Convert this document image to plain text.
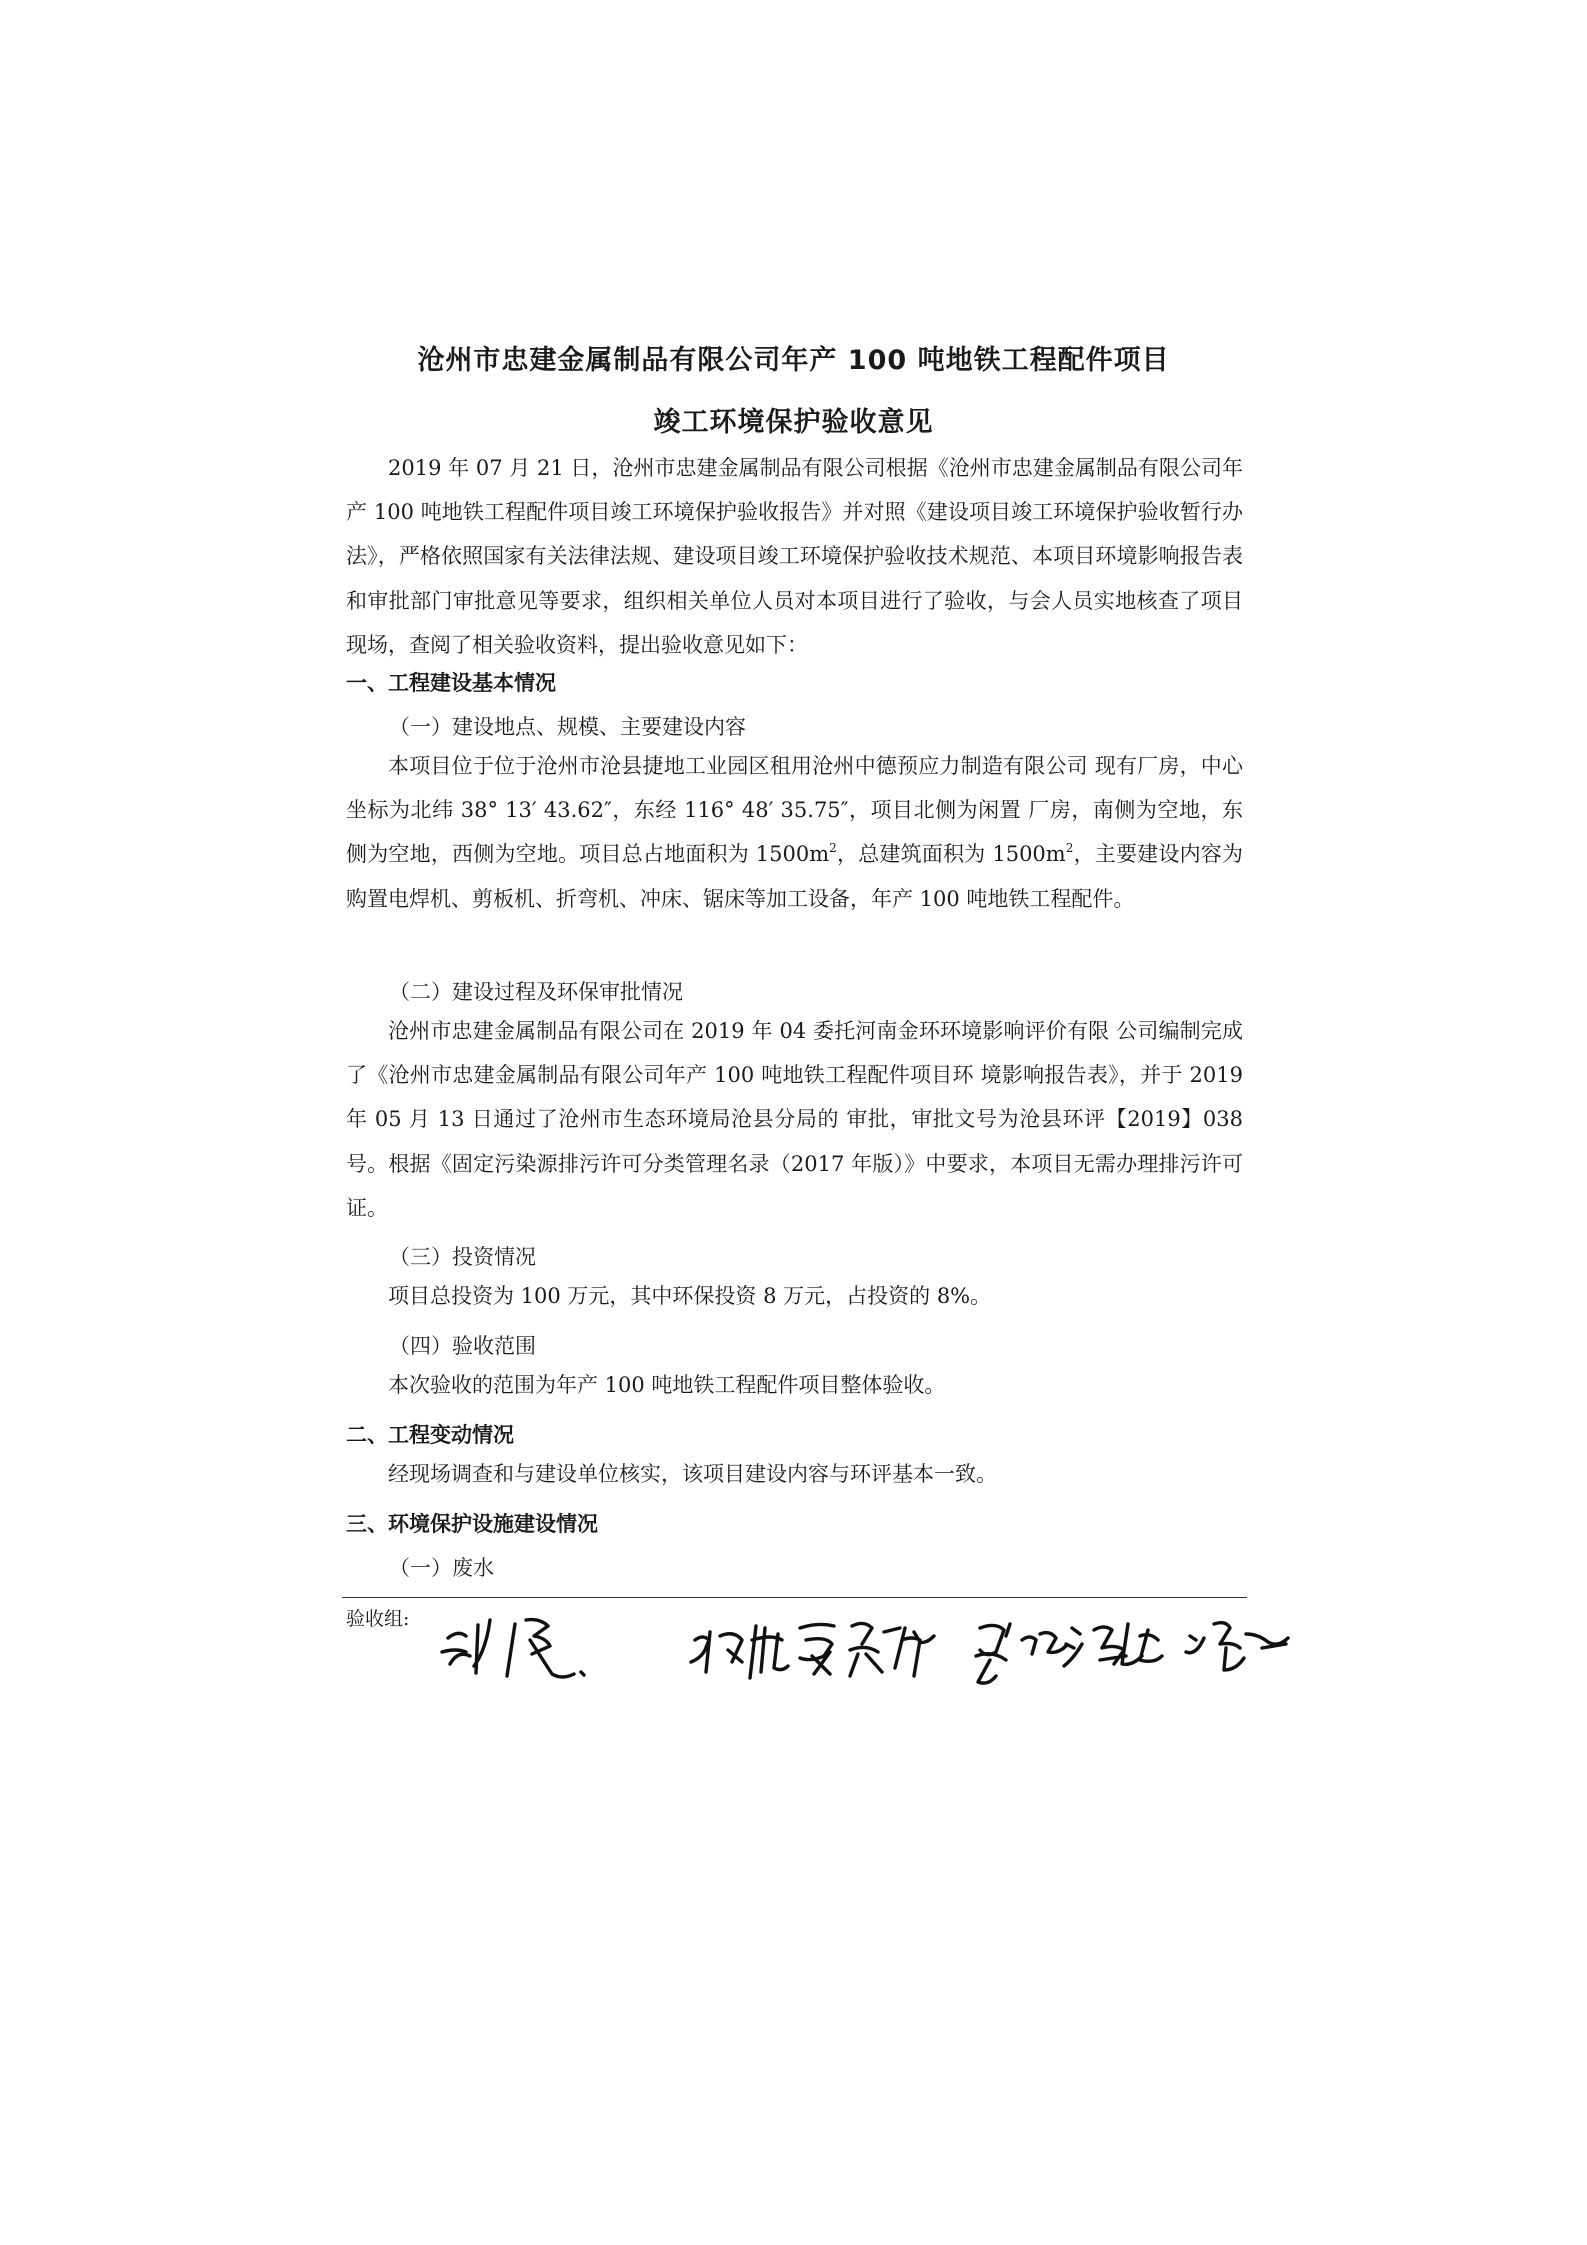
沧州市忠建金属制品有限公司年产 100 吨地铁工程配件项目
竣工环境保护验收意见

2019 年 07 月 21 日，沧州市忠建金属制品有限公司根据《沧州市忠建金属制品有限公司年产 100 吨地铁工程配件项目竣工环境保护验收报告》并对照《建设项目竣工环境保护验收暂行办法》，严格依照国家有关法律法规、建设项目竣工环境保护验收技术规范、本项目环境影响报告表和审批部门审批意见等要求，组织相关单位人员对本项目进行了验收，与会人员实地核查了项目现场，查阅了相关验收资料，提出验收意见如下：

一、工程建设基本情况
（一）建设地点、规模、主要建设内容

本项目位于位于沧州市沧县捷地工业园区租用沧州中德预应力制造有限公司 现有厂房，中心坐标为北纬 38° 13′ 43.62″，东经 116° 48′ 35.75″，项目北侧为闲置 厂房，南侧为空地，东侧为空地，西侧为空地。项目总占地面积为 $1500m^2$，总建筑面积为 $1500m^2$，主要建设内容为购置电焊机、剪板机、折弯机、冲床、锯床等加工设备，年产 100 吨地铁工程配件。

（二）建设过程及环保审批情况

沧州市忠建金属制品有限公司在 2019 年 04 委托河南金环环境影响评价有限 公司编制完成了《沧州市忠建金属制品有限公司年产 100 吨地铁工程配件项目环 境影响报告表》，并于 2019 年 05 月 13 日通过了沧州市生态环境局沧县分局的 审批，审批文号为沧县环评【2019】038 号。根据《固定污染源排污许可分类管理名录（2017 年版）》中要求，本项目无需办理排污许可证。

（三）投资情况

项目总投资为 100 万元，其中环保投资 8 万元，占投资的 8%。

（四）验收范围

本次验收的范围为年产 100 吨地铁工程配件项目整体验收。

二、工程变动情况

经现场调查和与建设单位核实，该项目建设内容与环评基本一致。

三、环境保护设施建设情况
（一）废水
验收组:
